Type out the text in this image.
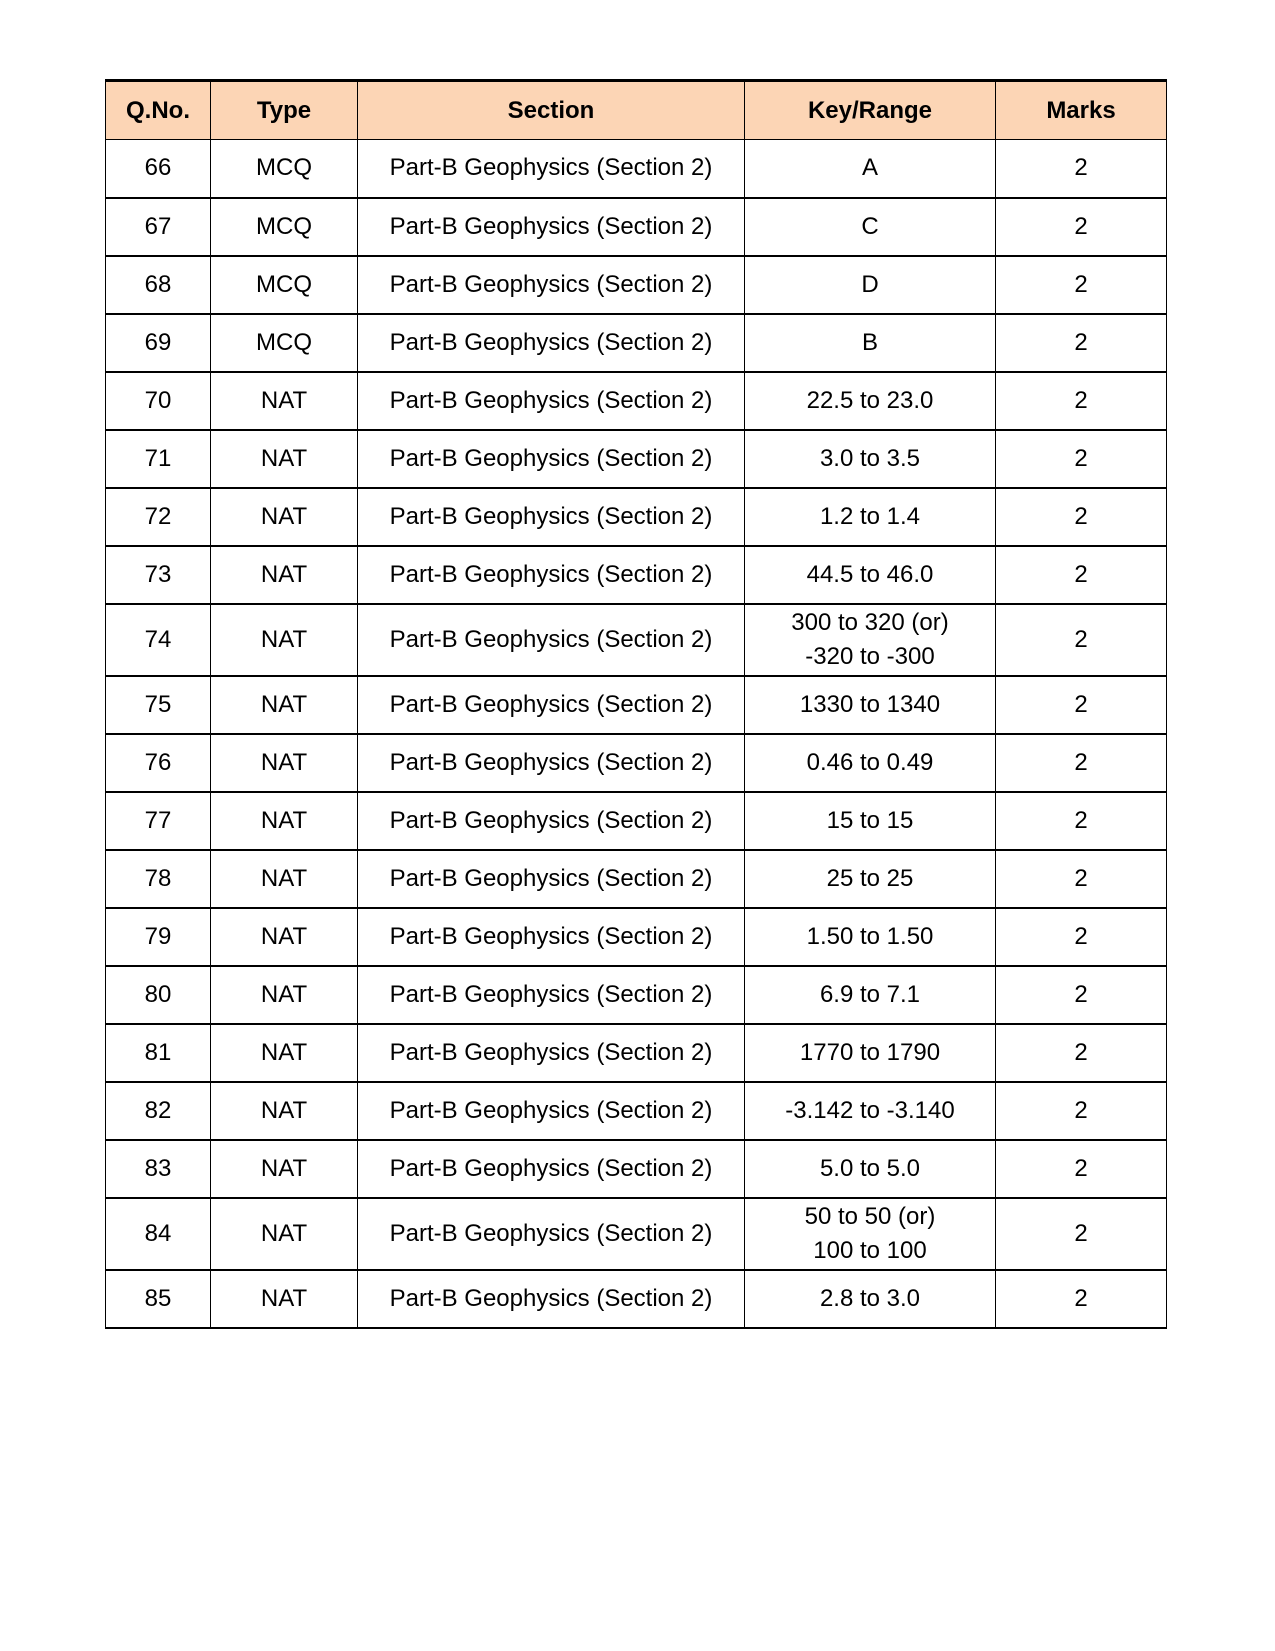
Q.No.	Type	Section	Key/Range	Marks
66	MCQ	Part-B Geophysics (Section 2)	A	2
67	MCQ	Part-B Geophysics (Section 2)	C	2
68	MCQ	Part-B Geophysics (Section 2)	D	2
69	MCQ	Part-B Geophysics (Section 2)	B	2
70	NAT	Part-B Geophysics (Section 2)	22.5 to 23.0	2
71	NAT	Part-B Geophysics (Section 2)	3.0 to 3.5	2
72	NAT	Part-B Geophysics (Section 2)	1.2 to 1.4	2
73	NAT	Part-B Geophysics (Section 2)	44.5 to 46.0	2
74	NAT	Part-B Geophysics (Section 2)	300 to 320 (or)
-320 to -300	2
75	NAT	Part-B Geophysics (Section 2)	1330 to 1340	2
76	NAT	Part-B Geophysics (Section 2)	0.46 to 0.49	2
77	NAT	Part-B Geophysics (Section 2)	15 to 15	2
78	NAT	Part-B Geophysics (Section 2)	25 to 25	2
79	NAT	Part-B Geophysics (Section 2)	1.50 to 1.50	2
80	NAT	Part-B Geophysics (Section 2)	6.9 to 7.1	2
81	NAT	Part-B Geophysics (Section 2)	1770 to 1790	2
82	NAT	Part-B Geophysics (Section 2)	-3.142 to -3.140	2
83	NAT	Part-B Geophysics (Section 2)	5.0 to 5.0	2
84	NAT	Part-B Geophysics (Section 2)	50 to 50 (or)
100 to 100	2
85	NAT	Part-B Geophysics (Section 2)	2.8 to 3.0	2
